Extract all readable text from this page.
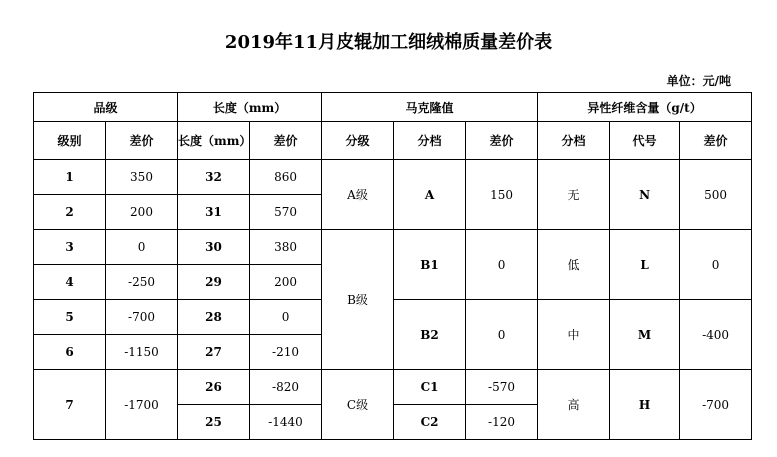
2019年11月皮辊加工细绒棉质量差价表
单位：元/吨
品级		长度（mm）		马克隆值			异性纤维含量（g/t）		
级别	差价	长度（mm）	差价	分级	分档	差价	分档	代号	差价
1	350	32	860	A级	A	150	无	N	500
2	200	31	570						
3	0	30	380	B级	B1	0	低	L	0
4	-250	29	200						
5	-700	28	0		B2	0	中	M	-400
6	-1150	27	-210						
7	-1700	26	-820	C级	C1	-570	高	H	-700
		25	-1440		C2	-120			
